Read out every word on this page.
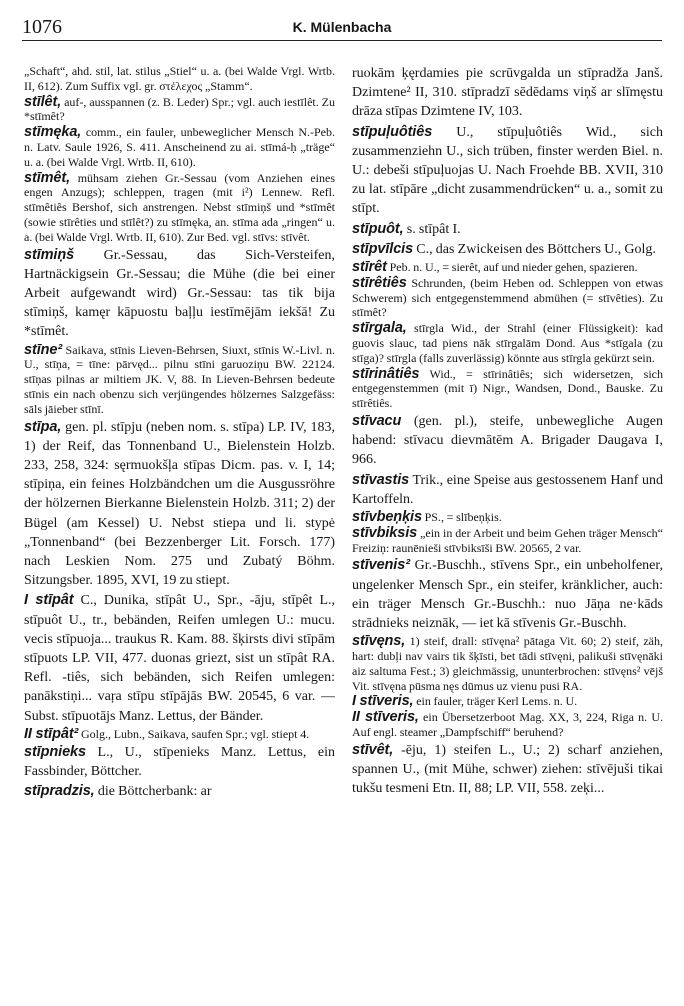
1076	K. Mülenbacha

„Schaft“, ahd. stil, lat. stilus „Stiel“ u. a. (bei Walde Vrgl. Wrtb. II, 612). Zum Suffix vgl. gr. στέλεχος „Stamm“.

stīlêt, auf-, ausspannen (z. B. Leder) Spr.; vgl. auch iestīlêt. Zu *stīmêt?

stīmęka, comm., ein fauler, unbeweglicher Mensch N.-Peb. n. Latv. Saule 1926, S. 411. Anscheinend zu ai. stīmá-ḥ „träge“ u. a. (bei Walde Vrgl. Wrtb. II, 610).

stīmêt, mühsam ziehen Gr.-Sessau (vom Anziehen eines engen Anzugs); schleppen, tragen (mit i²) Lennew. Refl. stīmêtiês Bershof, sich anstrengen. Nebst stīmiņš und *stīmêt (sowie stīrêties und stīlêt?) zu stīmęka, an. stīma ada „ringen“ u. a. (bei Walde Vrgl. Wrtb. II, 610). Zur Bed. vgl. stīvs: stīvêt.

stīmiņš Gr.-Sessau, das Sich-Versteifen, Hartnäckigsein Gr.-Sessau; die Mühe (die bei einer Arbeit aufgewandt wird) Gr.-Sessau: tas tik bija stīmiņš, kamęr kāpuostu baļļu iestīmējām iekšā! Zu *stīmêt.

stīne² Saikava, stīnis Lieven-Behrsen, Siuxt, stīnis W.-Livl. n. U., stīņa, = tīne: pārvęd... pilnu stīni garuoziņu BW. 22124. stīņas pilnas ar miltiem JK. V, 88. In Lieven-Behrsen bedeute stīnis ein nach obenzu sich verjüngendes hölzernes Salzgefäss: sāls jāieber stīnī.

stīpa, gen. pl. stīpju (neben nom. s. stīpa) LP. IV, 183, 1) der Reif, das Tonnenband U., Bielenstein Holzb. 233, 258, 324: sęrmuokšļa stīpas Dicm. pas. v. I, 14; stīpiņa, ein feines Holzbändchen um die Ausgussröhre der hölzernen Bierkanne Bielenstein Holzb. 311; 2) der Bügel (am Kessel) U. Nebst stiepa und li. stypė „Tonnenband“ (bei Bezzenberger Lit. Forsch. 177) nach Leskien Nom. 275 und Zubatý Böhm. Sitzungsber. 1895, XVI, 19 zu stiept.

I stīpât C., Dunika, stīpât U., Spr., -āju, stīpêt L., stīpuôt U., tr., bebänden, Reifen umlegen U.: mucu. vecis stīpuoja... traukus R. Kam. 88. šķirsts divi stīpām stīpuots LP. VII, 477. duonas griezt, sist un stīpât RA. Refl. -tiês, sich bebänden, sich Reifen umlegen: panākstiņi... vaŗa stīpu stīpājās BW. 20545, 6 var. — Subst. stīpuotājs Manz. Lettus, der Bänder.

II stīpât² Golg., Lubn., Saikava, saufen Spr.; vgl. stiept 4.

stīpnieks L., U., stīpenieks Manz. Lettus, ein Fassbinder, Böttcher.

stīpradzis, die Böttcherbank: ar

ruokām ķęrdamies pie scrūvgalda un stīpradža Janš. Dzimtene² II, 310. stīpradzī sēdēdams viņš ar slīmęstu drāza stīpas Dzimtene IV, 103.

stīpuļuôtiês U., stīpuļuôtiês Wid., sich zusammenziehn U., sich trüben, finster werden Biel. n. U.: debeši stīpuļuojas U. Nach Froehde BB. XVII, 310 zu lat. stīpāre „dicht zusammendrücken“ u. a., somit zu stīpt.

stīpuôt, s. stīpât I.

stīpvīlcis C., das Zwickeisen des Böttchers U., Golg.

stīrêt Peb. n. U., = sierêt, auf und nieder gehen, spazieren.

stīrêtiês Schrunden, (beim Heben od. Schleppen von etwas Schwerem) sich entgegenstemmend abmühen (= stīvêties). Zu stīmêt?

stīrgala, stīrgla Wid., der Strahl (einer Flüssigkeit): kad guovis slauc, tad piens nāk stīrgalām Dond. Aus *stīgala (zu stīga)? stīrgla (falls zuverlässig) könnte aus stīrgla gekürzt sein.

stīrinâtiês Wid., = stīrinâtiês; sich widersetzen, sich entgegenstemmen (mit ī) Nigr., Wandsen, Dond., Bauske. Zu stīrêtiês.

stīvacu (gen. pl.), steife, unbewegliche Augen habend: stīvacu dievmātēm A. Brigader Daugava I, 966.

stīvastis Trik., eine Speise aus gestossenem Hanf und Kartoffeln.

stīvbeņķis PS., = slībeņķis.

stīvbiksis „ein in der Arbeit und beim Gehen träger Mensch“ Freiziņ: raunēnieši stīvbiksīši BW. 20565, 2 var.

stīvenis² Gr.-Buschh., stīvens Spr., ein unbeholfener, ungelenker Mensch Spr., ein steifer, kränklicher, auch: ein träger Mensch Gr.-Buschh.: nuo Jāņa ne·kāds strādnieks neiznāk, — iet kā stīvenis Gr.-Buschh.

stīvęns, 1) steif, drall: stīvęna² pātaga Vit. 60; 2) steif, zäh, hart: dubļi nav vairs tik šķīsti, bet tādi stīvęni, palikuši stīvęnāki aiz saltuma Fest.; 3) gleichmässig, ununterbrochen: stīvęns² vējš Vit. stīvęna pūsma nęs dūmus uz vienu pusi RA.

I stīveris, ein fauler, träger Kerl Lems. n. U.

II stīveris, ein Übersetzerboot Mag. XX, 3, 224, Riga n. U. Auf engl. steamer „Dampfschiff“ beruhend?

stīvêt, -ēju, 1) steifen L., U.; 2) scharf anziehen, spannen U., (mit Mühe, schwer) ziehen: stīvējuši tikai tukšu tesmeni Etn. II, 88; LP. VII, 558. zeķi...
